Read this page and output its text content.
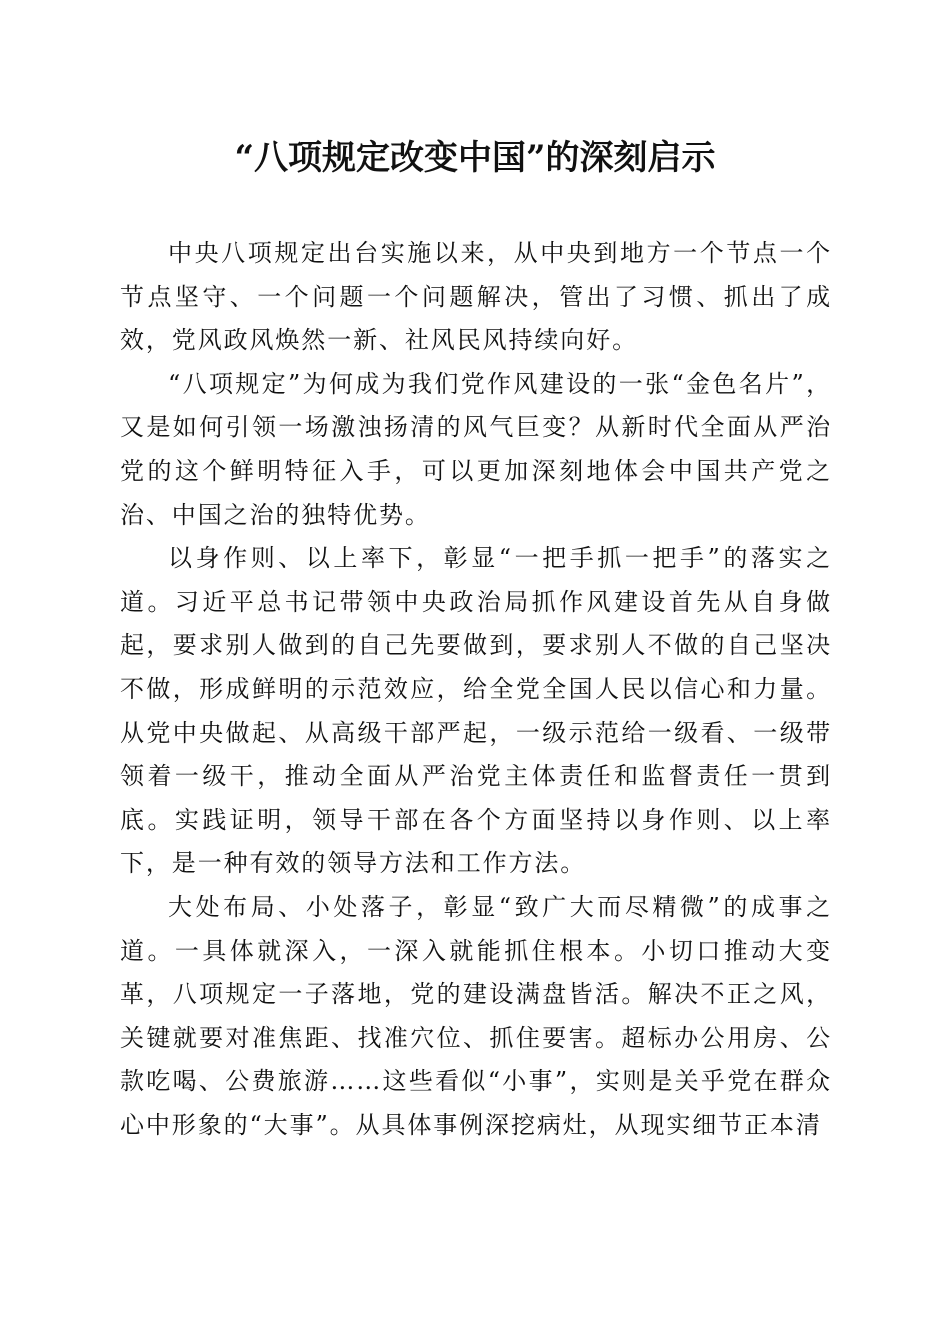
“八项规定改变中国”的深刻启示

中央八项规定出台实施以来，从中央到地方一个节点一个节点坚守、一个问题一个问题解决，管出了习惯、抓出了成效，党风政风焕然一新、社风民风持续向好。

“八项规定”为何成为我们党作风建设的一张“金色名片”，又是如何引领一场激浊扬清的风气巨变？从新时代全面从严治党的这个鲜明特征入手，可以更加深刻地体会中国共产党之治、中国之治的独特优势。

以身作则、以上率下，彰显“一把手抓一把手”的落实之道。习近平总书记带领中央政治局抓作风建设首先从自身做起，要求别人做到的自己先要做到，要求别人不做的自己坚决不做，形成鲜明的示范效应，给全党全国人民以信心和力量。从党中央做起、从高级干部严起，一级示范给一级看、一级带领着一级干，推动全面从严治党主体责任和监督责任一贯到底。实践证明，领导干部在各个方面坚持以身作则、以上率下，是一种有效的领导方法和工作方法。

大处布局、小处落子，彰显“致广大而尽精微”的成事之道。一具体就深入，一深入就能抓住根本。小切口推动大变革，八项规定一子落地，党的建设满盘皆活。解决不正之风，关键就要对准焦距、找准穴位、抓住要害。超标办公用房、公款吃喝、公费旅游……这些看似“小事”，实则是关乎党在群众心中形象的“大事”。从具体事例深挖病灶，从现实细节正本清
